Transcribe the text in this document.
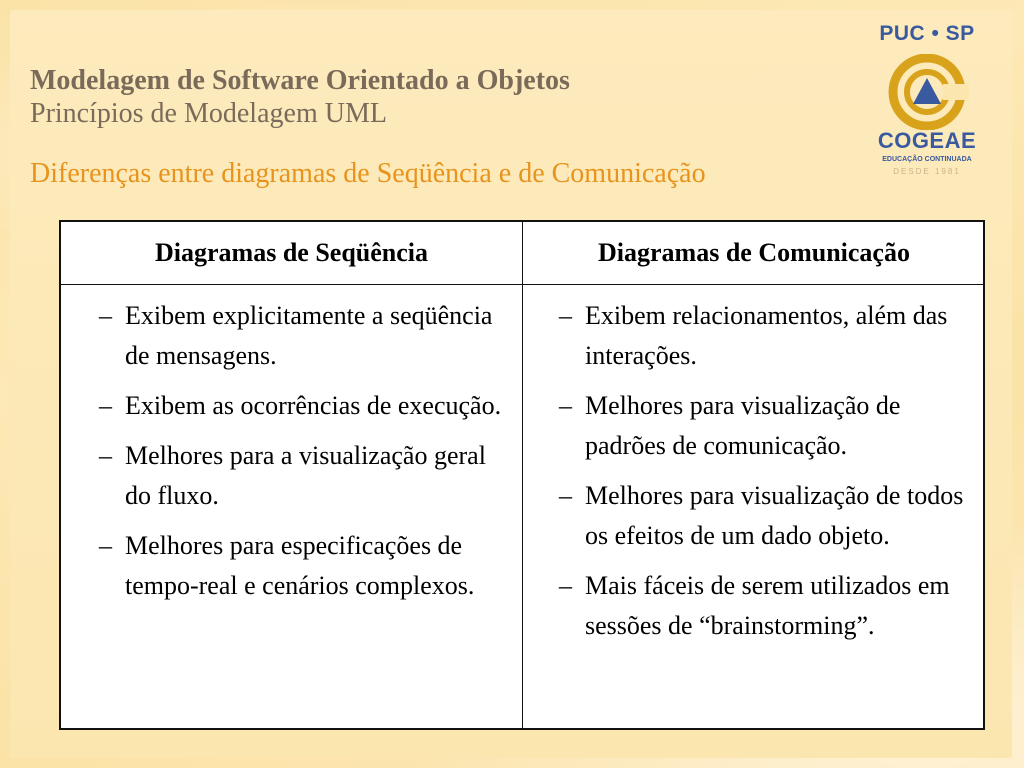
Modelagem de Software Orientado a Objetos

Princípios de Modelagem UML

Diferenças entre diagramas de Seqüência e de Comunicação

PUC • SP
COGEAE
EDUCAÇÃO CONTINUADA
DESDE 1981
Diagramas de Seqüência	Diagramas de Comunicação
– Exibem explicitamente a seqüência de mensagens.
– Exibem as ocorrências de execução.
– Melhores para a visualização geral do fluxo.
– Melhores para especificações de tempo-real e cenários complexos.
– Exibem relacionamentos, além das interações.
– Melhores para visualização de padrões de comunicação.
– Melhores para visualização de todos os efeitos de um dado objeto.
– Mais fáceis de serem utilizados em sessões de “brainstorming”.
